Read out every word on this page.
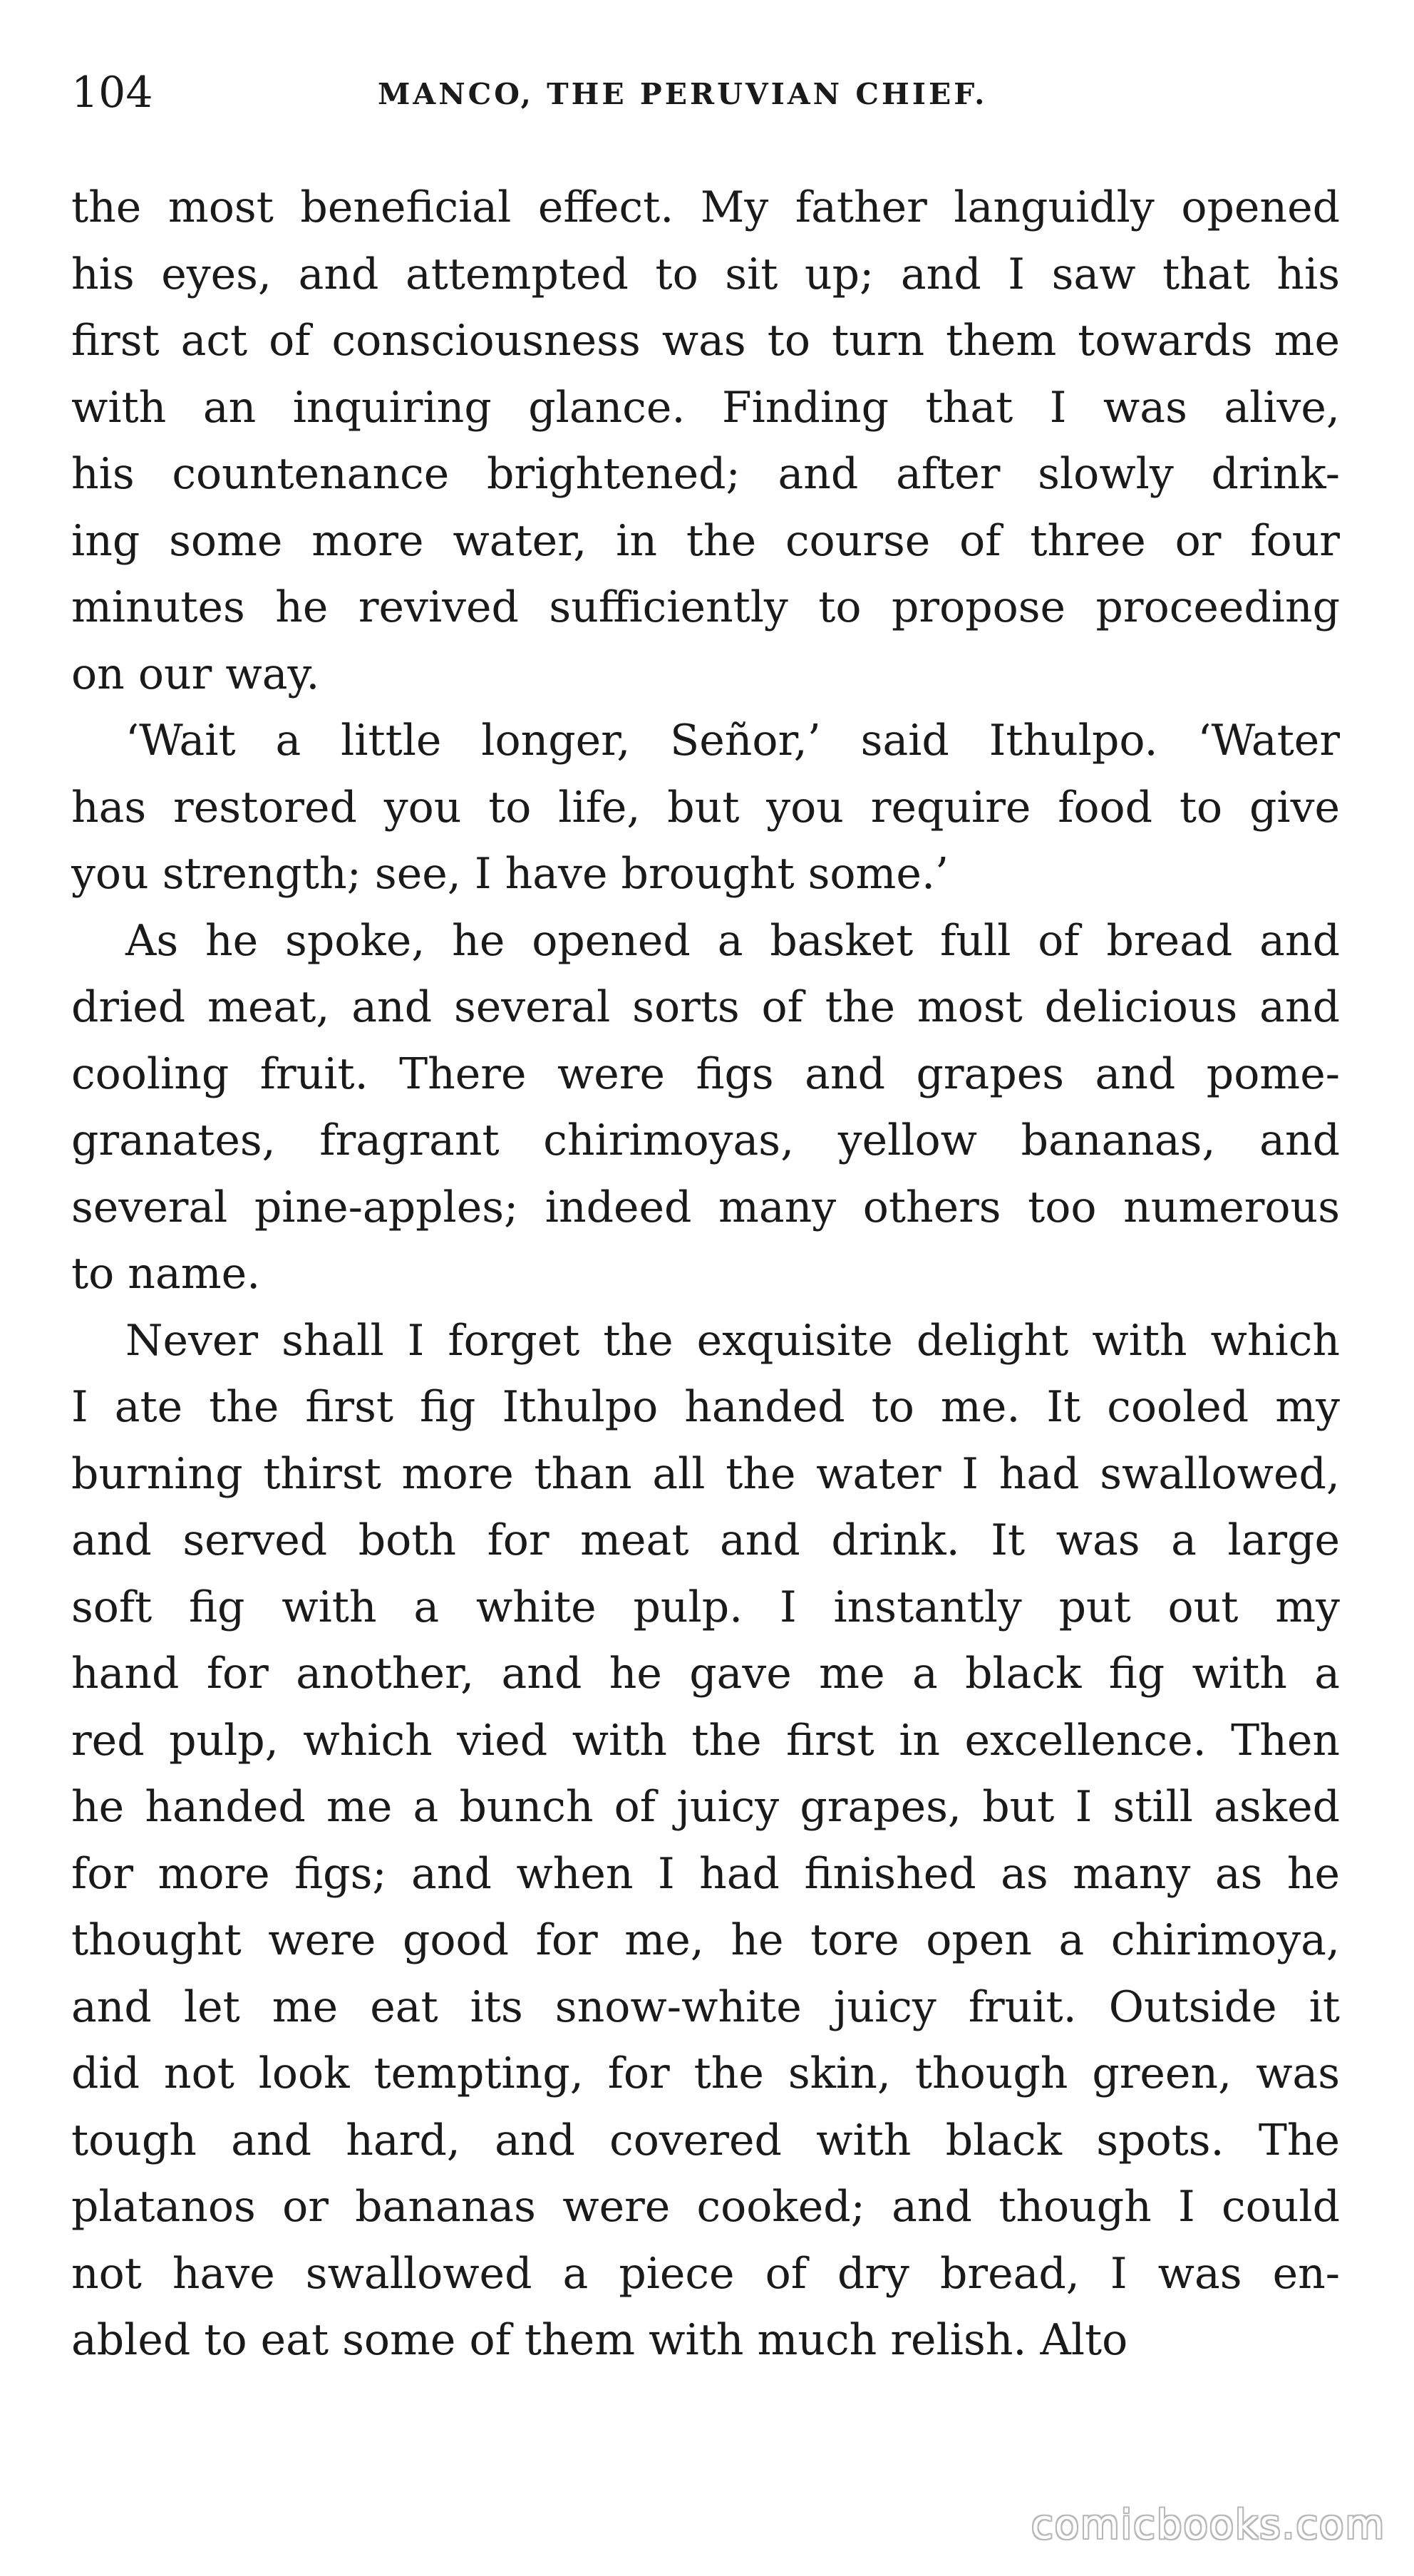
104	MANCO, THE PERUVIAN CHIEF.
the most beneficial effect. My father languidly opened
his eyes, and attempted to sit up; and I saw that his
first act of consciousness was to turn them towards me
with an inquiring glance. Finding that I was alive,
his countenance brightened; and after slowly drink-
ing some more water, in the course of three or four
minutes he revived sufficiently to propose proceeding
on our way.
‘Wait a little longer, Señor,’ said Ithulpo. ‘Water
has restored you to life, but you require food to give
you strength; see, I have brought some.’
As he spoke, he opened a basket full of bread and
dried meat, and several sorts of the most delicious and
cooling fruit. There were figs and grapes and pome-
granates, fragrant chirimoyas, yellow bananas, and
several pine-apples; indeed many others too numerous
to name.
Never shall I forget the exquisite delight with which
I ate the first fig Ithulpo handed to me. It cooled my
burning thirst more than all the water I had swallowed,
and served both for meat and drink. It was a large
soft fig with a white pulp. I instantly put out my
hand for another, and he gave me a black fig with a
red pulp, which vied with the first in excellence. Then
he handed me a bunch of juicy grapes, but I still asked
for more figs; and when I had finished as many as he
thought were good for me, he tore open a chirimoya,
and let me eat its snow-white juicy fruit. Outside it
did not look tempting, for the skin, though green, was
tough and hard, and covered with black spots. The
platanos or bananas were cooked; and though I could
not have swallowed a piece of dry bread, I was en-
abled to eat some of them with much relish. Alto
comicbooks.com
